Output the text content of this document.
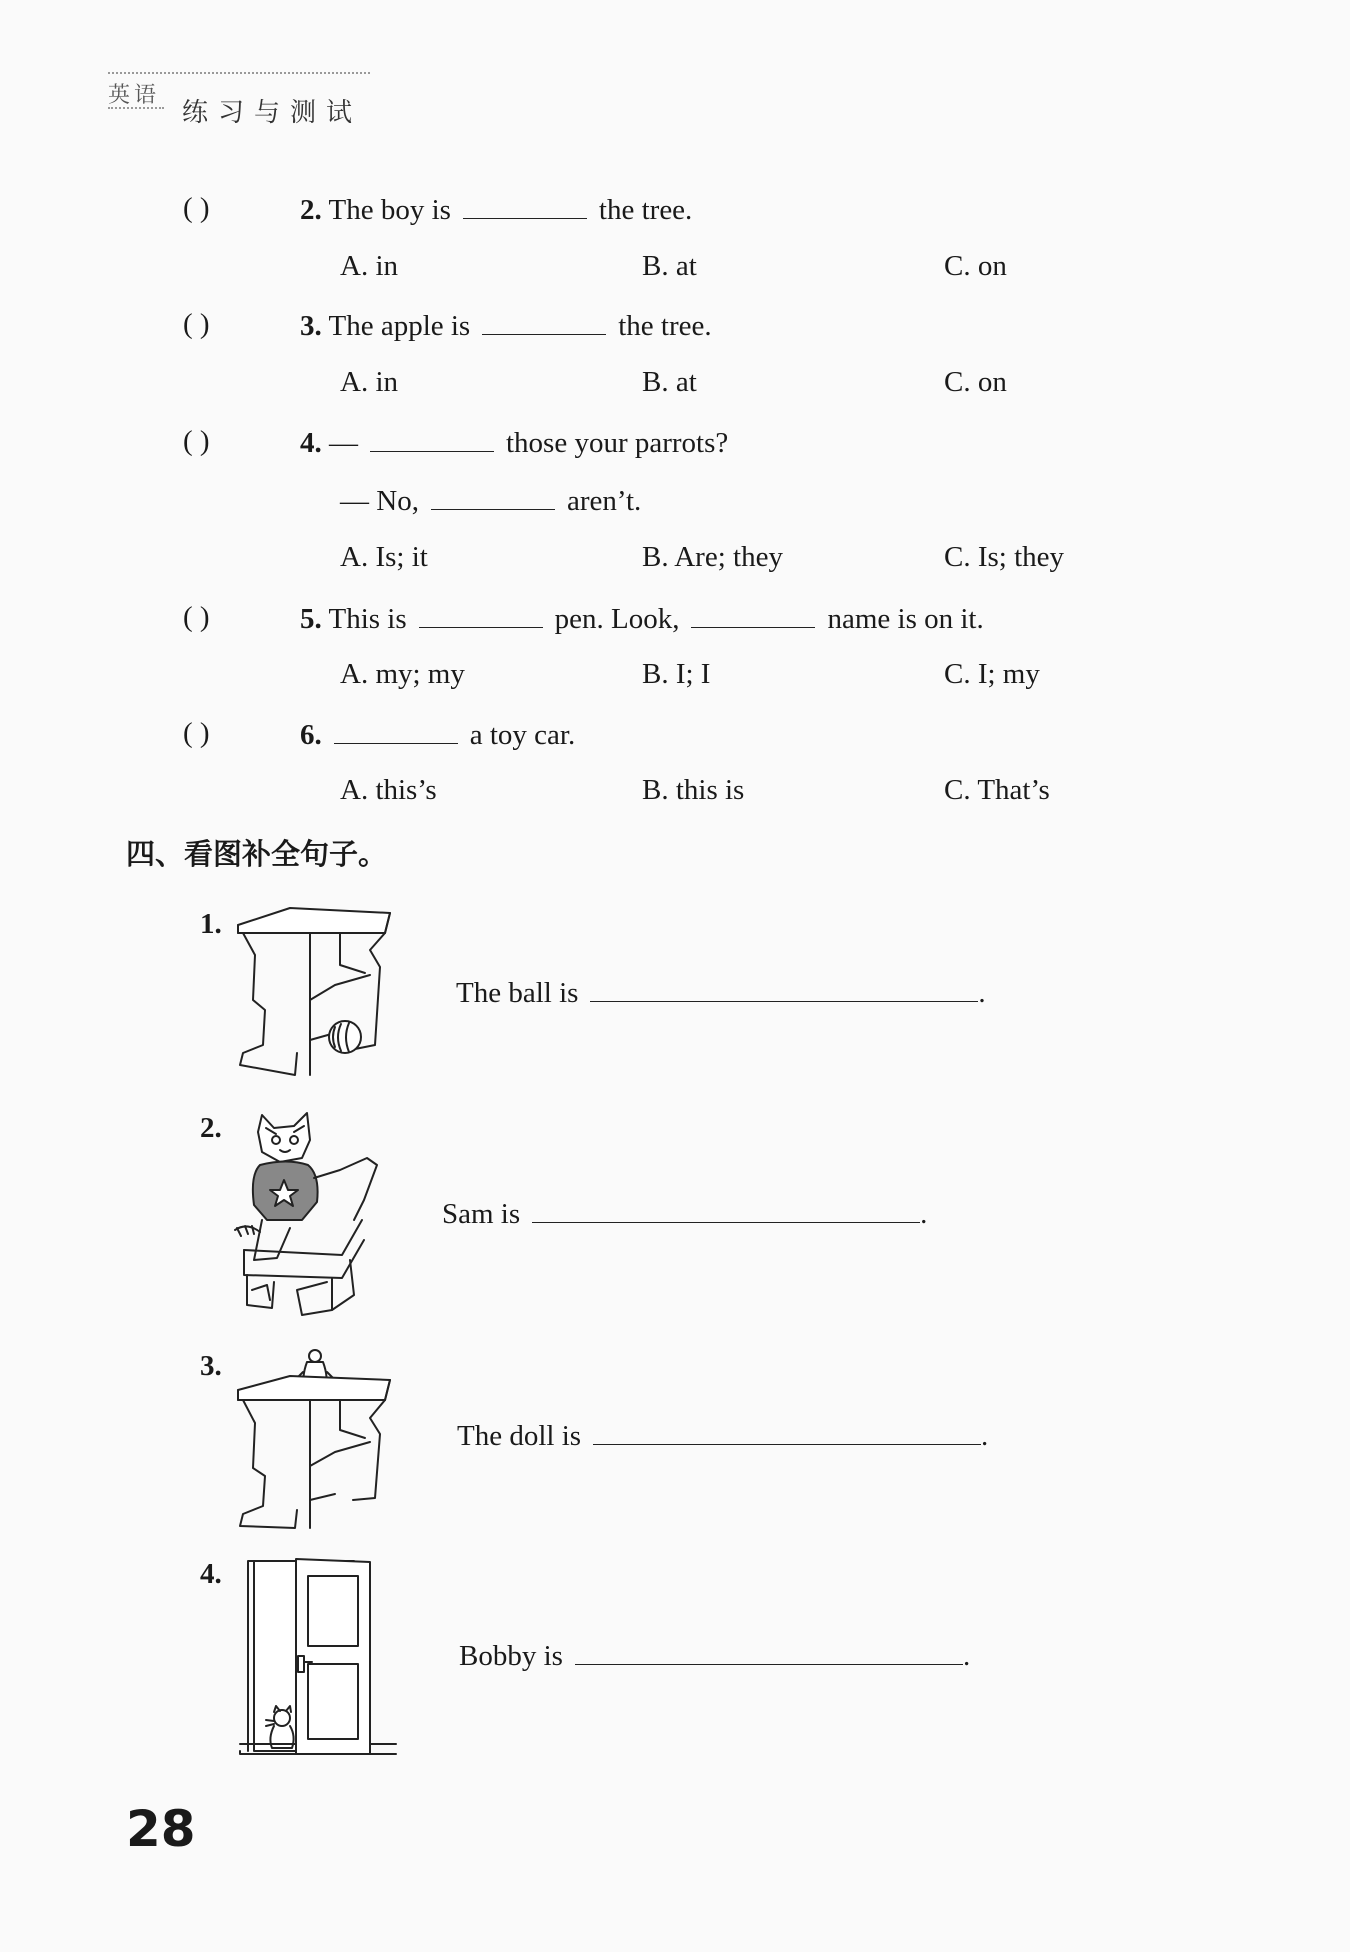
英语
练习与测试
( )	2. The boy is	the tree.
A. in	B. at	C. on
( )	3. The apple is	the tree.
A. in	B. at	C. on
( )	4. —	those your parrots?
— No,	aren’t.
A. Is; it	B. Are; they	C. Is; they
( )	5. This is	pen. Look,	name is on it.
A. my; my	B. I; I	C. I; my
( )	6.	a toy car.
A. this’s	B. this is	C. That’s
四、看图补全句子。
1.
The ball is	.
2.
Sam is	.
3.
The doll is	.
4.
Bobby is	.
28
